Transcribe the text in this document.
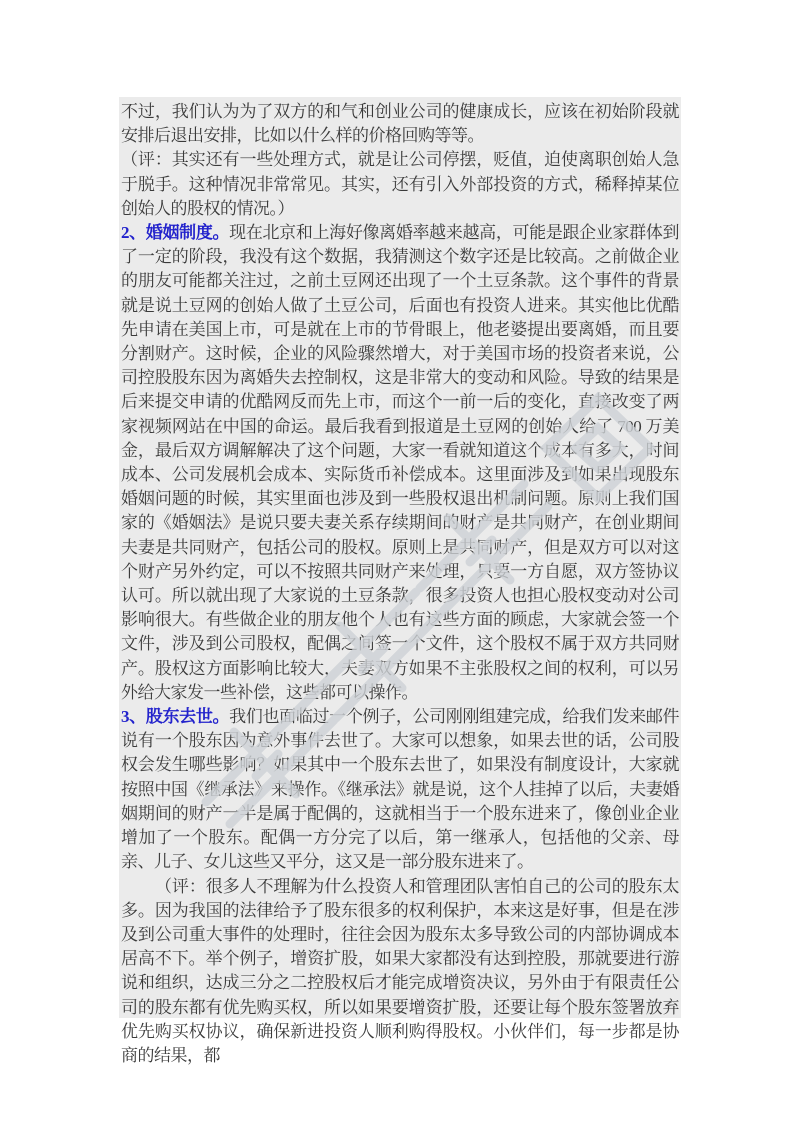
不过，我们认为为了双方的和气和创业公司的健康成长，应该在初始阶段就安排后退出安排，比如以什么样的价格回购等等。

（评：其实还有一些处理方式，就是让公司停摆，贬值，迫使离职创始人急于脱手。这种情况非常常见。其实，还有引入外部投资的方式，稀释掉某位创始人的股权的情况。）

2、婚姻制度。现在北京和上海好像离婚率越来越高，可能是跟企业家群体到了一定的阶段，我没有这个数据，我猜测这个数字还是比较高。之前做企业的朋友可能都关注过，之前土豆网还出现了一个土豆条款。这个事件的背景就是说土豆网的创始人做了土豆公司，后面也有投资人进来。其实他比优酷先申请在美国上市，可是就在上市的节骨眼上，他老婆提出要离婚，而且要分割财产。这时候，企业的风险骤然增大，对于美国市场的投资者来说，公司控股股东因为离婚失去控制权，这是非常大的变动和风险。导致的结果是后来提交申请的优酷网反而先上市，而这个一前一后的变化，直接改变了两家视频网站在中国的命运。最后我看到报道是土豆网的创始人给了 700 万美金，最后双方调解解决了这个问题，大家一看就知道这个成本有多大，时间成本、公司发展机会成本、实际货币补偿成本。这里面涉及到如果出现股东婚姻问题的时候，其实里面也涉及到一些股权退出机制问题。原则上我们国家的《婚姻法》是说只要夫妻关系存续期间的财产是共同财产，在创业期间夫妻是共同财产，包括公司的股权。原则上是共同财产，但是双方可以对这个财产另外约定，可以不按照共同财产来处理，只要一方自愿，双方签协议认可。所以就出现了大家说的土豆条款，很多投资人也担心股权变动对公司影响很大。有些做企业的朋友他个人也有这些方面的顾虑，大家就会签一个文件，涉及到公司股权，配偶之间签一个文件，这个股权不属于双方共同财产。股权这方面影响比较大，夫妻双方如果不主张股权之间的权利，可以另外给大家发一些补偿，这些都可以操作。

3、股东去世。我们也面临过一个例子，公司刚刚组建完成，给我们发来邮件说有一个股东因为意外事件去世了。大家可以想象，如果去世的话，公司股权会发生哪些影响？如果其中一个股东去世了，如果没有制度设计，大家就按照中国《继承法》来操作。《继承法》就是说，这个人挂掉了以后，夫妻婚姻期间的财产一半是属于配偶的，这就相当于一个股东进来了，像创业企业增加了一个股东。配偶一方分完了以后，第一继承人，包括他的父亲、母亲、儿子、女儿这些又平分，这又是一部分股东进来了。

（评：很多人不理解为什么投资人和管理团队害怕自己的公司的股东太多。因为我国的法律给予了股东很多的权利保护，本来这是好事，但是在涉及到公司重大事件的处理时，往往会因为股东太多导致公司的内部协调成本居高不下。举个例子，增资扩股，如果大家都没有达到控股，那就要进行游说和组织，达成三分之二控股权后才能完成增资决议，另外由于有限责任公司的股东都有优先购买权，所以如果要增资扩股，还要让每个股东签署放弃优先购买权协议，确保新进投资人顺利购得股权。小伙伴们，每一步都是协商的结果，都
